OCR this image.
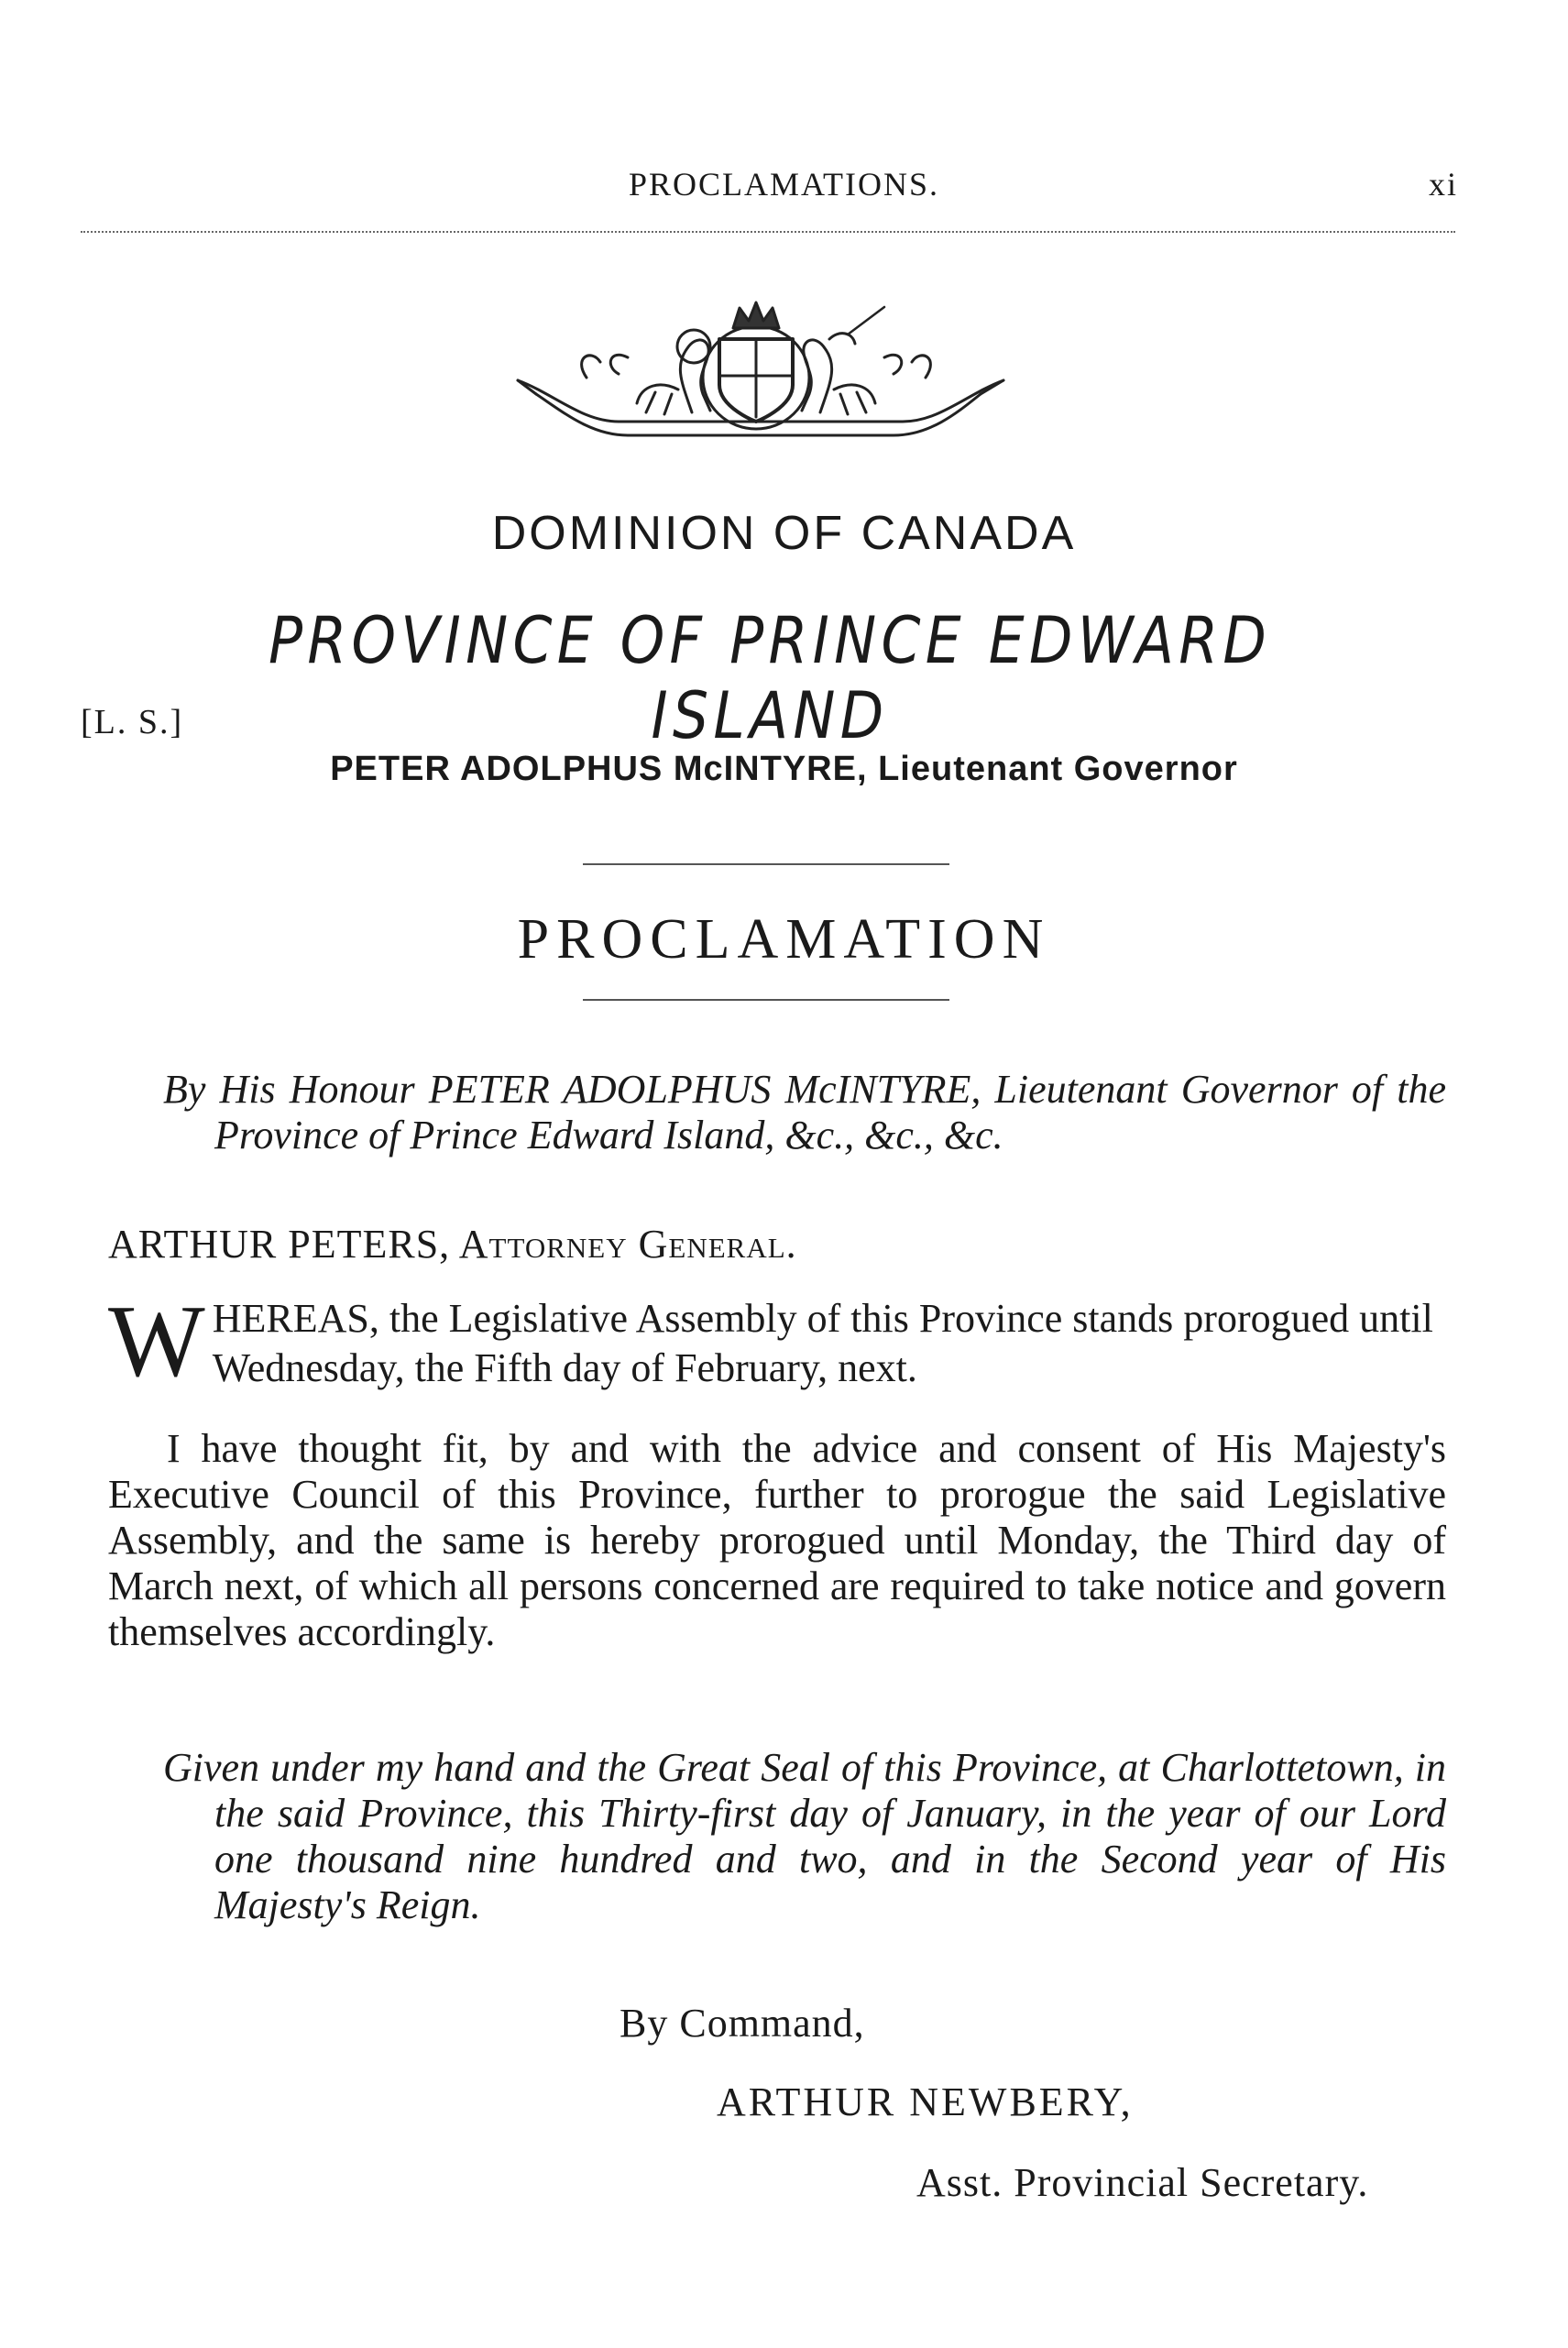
PROCLAMATIONS.	xi
DOMINION OF CANADA
PROVINCE OF PRINCE EDWARD ISLAND
[L. S.]
PETER ADOLPHUS McINTYRE, Lieutenant Governor
PROCLAMATION
By His Honour PETER ADOLPHUS McINTYRE, Lieutenant Governor of the Province of Prince Edward Island, &c., &c., &c.
ARTHUR PETERS, Attorney General.
W HEREAS, the Legislative Assembly of this Province stands prorogued until Wednesday, the Fifth day of February, next.
I have thought fit, by and with the advice and consent of His Majesty's Executive Council of this Province, further to prorogue the said Legislative Assembly, and the same is hereby prorogued until Monday, the Third day of March next, of which all persons concerned are required to take notice and govern themselves accordingly.
Given under my hand and the Great Seal of this Province, at Charlottetown, in the said Province, this Thirty-first day of January, in the year of our Lord one thousand nine hundred and two, and in the Second year of His Majesty's Reign.
By Command,
ARTHUR NEWBERY,
Asst. Provincial Secretary.
